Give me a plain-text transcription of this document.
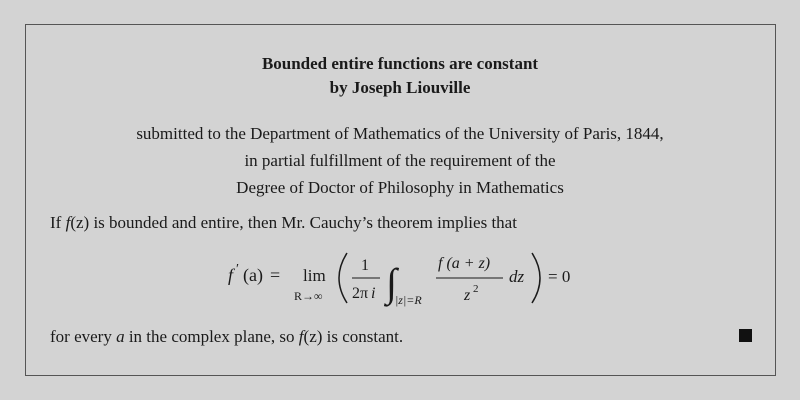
Bounded entire functions are constant
by Joseph Liouville
submitted to the Department of Mathematics of the University of Paris, 1844,
in partial fulfillment of the requirement of the
Degree of Doctor of Philosophy in Mathematics
If f(z) is bounded and entire, then Mr. Cauchy’s theorem implies that
f ′ (a) = lim
R→∞
1
2π i ∫
|z|=R
f (a + z)
z 2
dz = 0
for every a in the complex plane, so f(z) is constant.
